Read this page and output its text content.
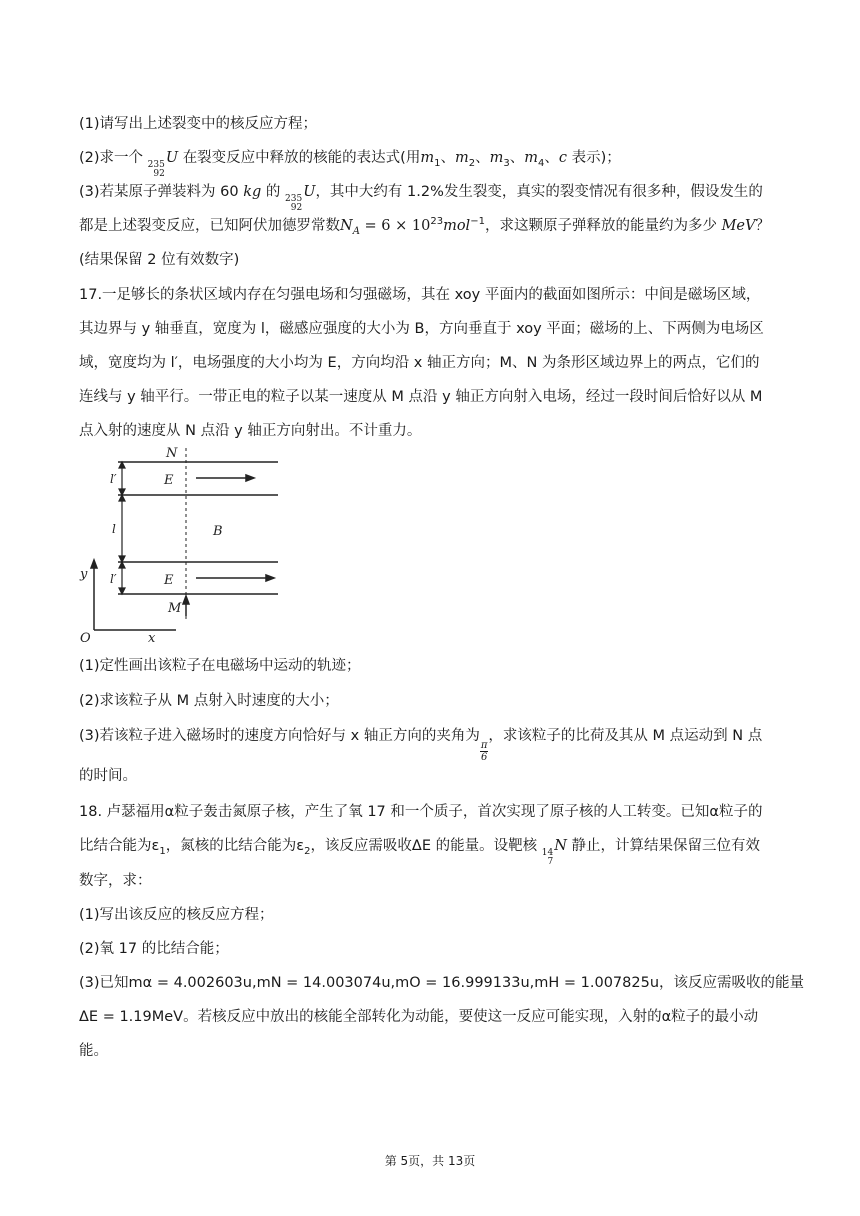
(1)请写出上述裂变中的核反应方程；
(2)求一个 235
92
U 在裂变反应中释放的核能的表达式(用$m_1$、$m_2$、$m_3$、$m_4$、c 表示)；
(3)若某原子弹装料为 60 kg 的 235
92
U，其中大约有 1.2%发生裂变，真实的裂变情况有很多种，假设发生的
都是上述裂变反应，已知阿伏加德罗常数$N_A = 6 \times 10^{23}mol^{-1}$，求这颗原子弹释放的能量约为多少 MeV？
(结果保留 2 位有效数字)
17.一足够长的条状区域内存在匀强电场和匀强磁场，其在 xoy 平面内的截面如图所示：中间是磁场区域，
其边界与 y 轴垂直，宽度为 l，磁感应强度的大小为 B，方向垂直于 xoy 平面；磁场的上、下两侧为电场区
域，宽度均为 l′，电场强度的大小均为 E，方向均沿 x 轴正方向；M、N 为条形区域边界上的两点，它们的
连线与 y 轴平行。一带正电的粒子以某一速度从 M 点沿 y 轴正方向射入电场，经过一段时间后恰好以从 M
点入射的速度从 N 点沿 y 轴正方向射出。不计重力。
N
E
B
E
M
l′
l
l′
y
x
O
(1)定性画出该粒子在电磁场中运动的轨迹；
(2)求该粒子从 M 点射入时速度的大小；
(3)若该粒子进入磁场时的速度方向恰好与 x 轴正方向的夹角为
$\frac{\pi}{6}$
，求该粒子的比荷及其从 M 点运动到 N 点
的时间。
18. 卢瑟福用α粒子轰击氮原子核，产生了氧 17 和一个质子，首次实现了原子核的人工转变。已知α粒子的
比结合能为$\varepsilon_1$，氮核的比结合能为$\varepsilon_2$，该反应需吸收ΔE 的能量。设靶核 14
7
N 静止，计算结果保留三位有效
数字，求：
(1)写出该反应的核反应方程；
(2)氧 17 的比结合能；
(3)已知mα = 4.002603u,mN = 14.003074u,mO = 16.999133u,mH = 1.007825u，该反应需吸收的能量
ΔE = 1.19MeV。若核反应中放出的核能全部转化为动能，要使这一反应可能实现，入射的α粒子的最小动
能。
第 5页，共 13页
